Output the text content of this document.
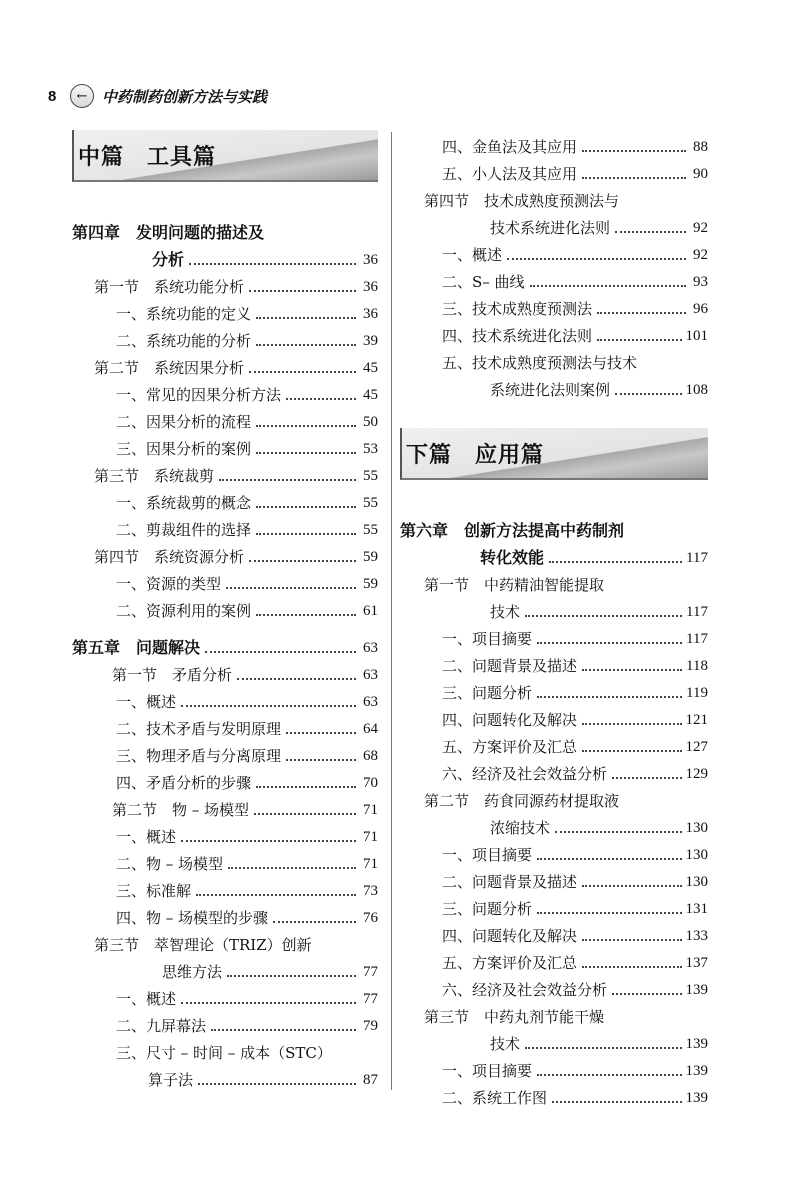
8	← 中药制药创新方法与实践
中篇　工具篇
第四章　发明问题的描述及
分析	36
第一节　系统功能分析	36
一、系统功能的定义	36
二、系统功能的分析	39
第二节　系统因果分析	45
一、常见的因果分析方法	45
二、因果分析的流程	50
三、因果分析的案例	53
第三节　系统裁剪	55
一、系统裁剪的概念	55
二、剪裁组件的选择	55
第四节　系统资源分析	59
一、资源的类型	59
二、资源利用的案例	61
第五章　问题解决	63
第一节　矛盾分析	63
一、概述	63
二、技术矛盾与发明原理	64
三、物理矛盾与分离原理	68
四、矛盾分析的步骤	70
第二节　物 – 场模型	71
一、概述	71
二、物 – 场模型	71
三、标准解	73
四、物 – 场模型的步骤	76
第三节　萃智理论（TRIZ）创新
思维方法	77
一、概述	77
二、九屏幕法	79
三、尺寸 – 时间 – 成本（STC）
算子法	87
四、金鱼法及其应用	88
五、小人法及其应用	90
第四节　技术成熟度预测法与
技术系统进化法则	92
一、概述	92
二、S– 曲线	93
三、技术成熟度预测法	96
四、技术系统进化法则	101
五、技术成熟度预测法与技术
系统进化法则案例	108
下篇　应用篇
第六章　创新方法提高中药制剂
转化效能	117
第一节　中药精油智能提取
技术	117
一、项目摘要	117
二、问题背景及描述	118
三、问题分析	119
四、问题转化及解决	121
五、方案评价及汇总	127
六、经济及社会效益分析	129
第二节　药食同源药材提取液
浓缩技术	130
一、项目摘要	130
二、问题背景及描述	130
三、问题分析	131
四、问题转化及解决	133
五、方案评价及汇总	137
六、经济及社会效益分析	139
第三节　中药丸剂节能干燥
技术	139
一、项目摘要	139
二、系统工作图	139
